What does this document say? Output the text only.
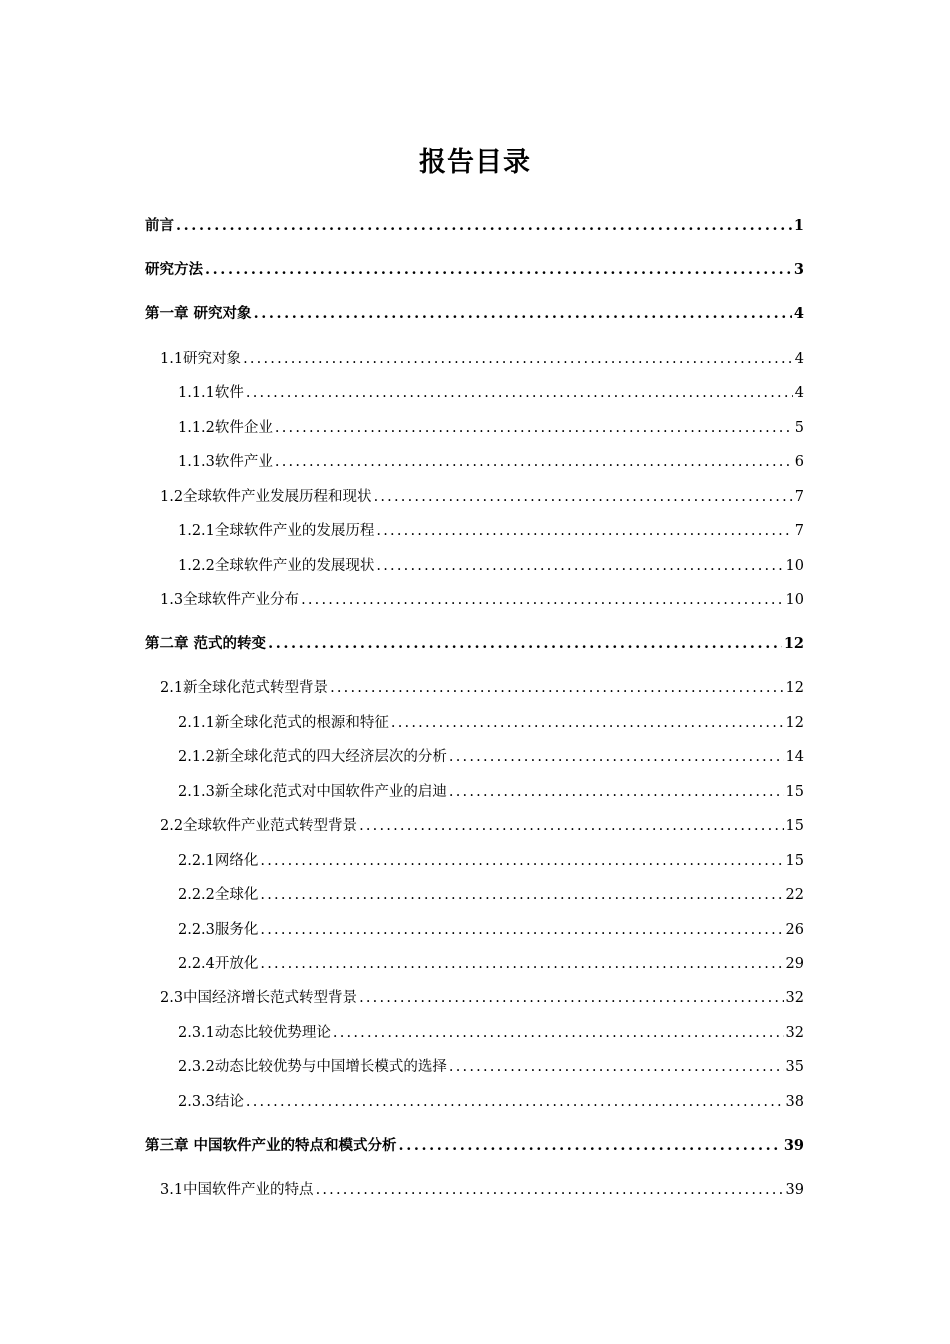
报告目录
前言 .....	1
研究方法 .....	3
第一章 研究对象 .....	4
1.1研究对象 .....	4
1.1.1软件 .....	4
1.1.2软件企业 .....	5
1.1.3软件产业 .....	6
1.2全球软件产业发展历程和现状 .....	7
1.2.1全球软件产业的发展历程 .....	7
1.2.2全球软件产业的发展现状 .....	10
1.3全球软件产业分布 .....	10
第二章 范式的转变 .....	12
2.1新全球化范式转型背景 .....	12
2.1.1新全球化范式的根源和特征 .....	12
2.1.2新全球化范式的四大经济层次的分析 .....	14
2.1.3新全球化范式对中国软件产业的启迪 .....	15
2.2全球软件产业范式转型背景 .....	15
2.2.1网络化 .....	15
2.2.2全球化 .....	22
2.2.3服务化 .....	26
2.2.4开放化 .....	29
2.3中国经济增长范式转型背景 .....	32
2.3.1动态比较优势理论 .....	32
2.3.2动态比较优势与中国增长模式的选择 .....	35
2.3.3结论 .....	38
第三章 中国软件产业的特点和模式分析 .....	39
3.1中国软件产业的特点 .....	39
